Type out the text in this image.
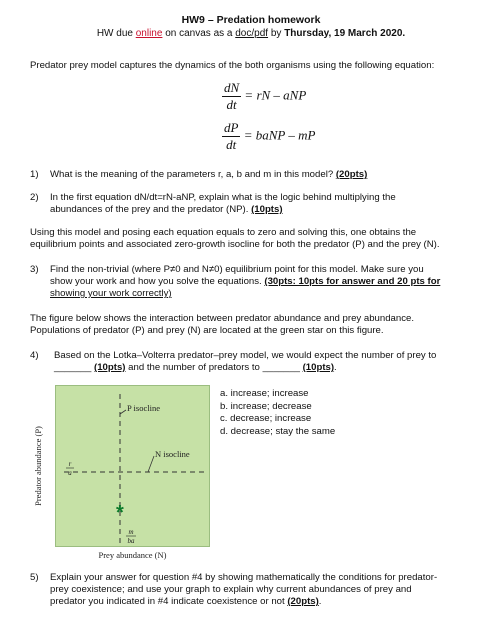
HW9 – Predation homework
HW due online on canvas as a doc/pdf by Thursday, 19 March 2020.
Predator prey model captures the dynamics of the both organisms using the following equation:
$\frac{dN}{dt}$ = rN – aNP
$\frac{dP}{dt}$ = baNP – mP
1)	What is the meaning of the parameters r, a, b and m in this model? (20pts)
2)	In the first equation dN/dt=rN-aNP, explain what is the logic behind multiplying the
abundances of the prey and the predator (NP). (10pts)
Using this model and posing each equation equals to zero and solving this, one obtains the
equilibrium points and associated zero-growth isocline for both the predator (P) and the prey (N).
3)	Find the non-trivial (where P≠0 and N≠0) equilibrium point for this model. Make sure you
show your work and how you solve the equations. (30pts: 10pts for answer and 20 pts for
showing your work correctly)
The figure below shows the interaction between predator abundance and prey abundance.
Populations of predator (P) and prey (N) are located at the green star on this figure.
4)	Based on the Lotka–Volterra predator–prey model, we would expect the number of prey to
_______ (10pts) and the number of predators to _______ (10pts).
Predator abundance (P)
P isocline
N isocline
r
a
*
m
ba
Prey abundance (N)
a. increase; increase
b. increase; decrease
c. decrease; increase
d. decrease; stay the same
5)	Explain your answer for question #4 by showing mathematically the conditions for predator-
prey coexistence; and use your graph to explain why current abundances of prey and
predator you indicated in #4 indicate coexistence or not (20pts).
